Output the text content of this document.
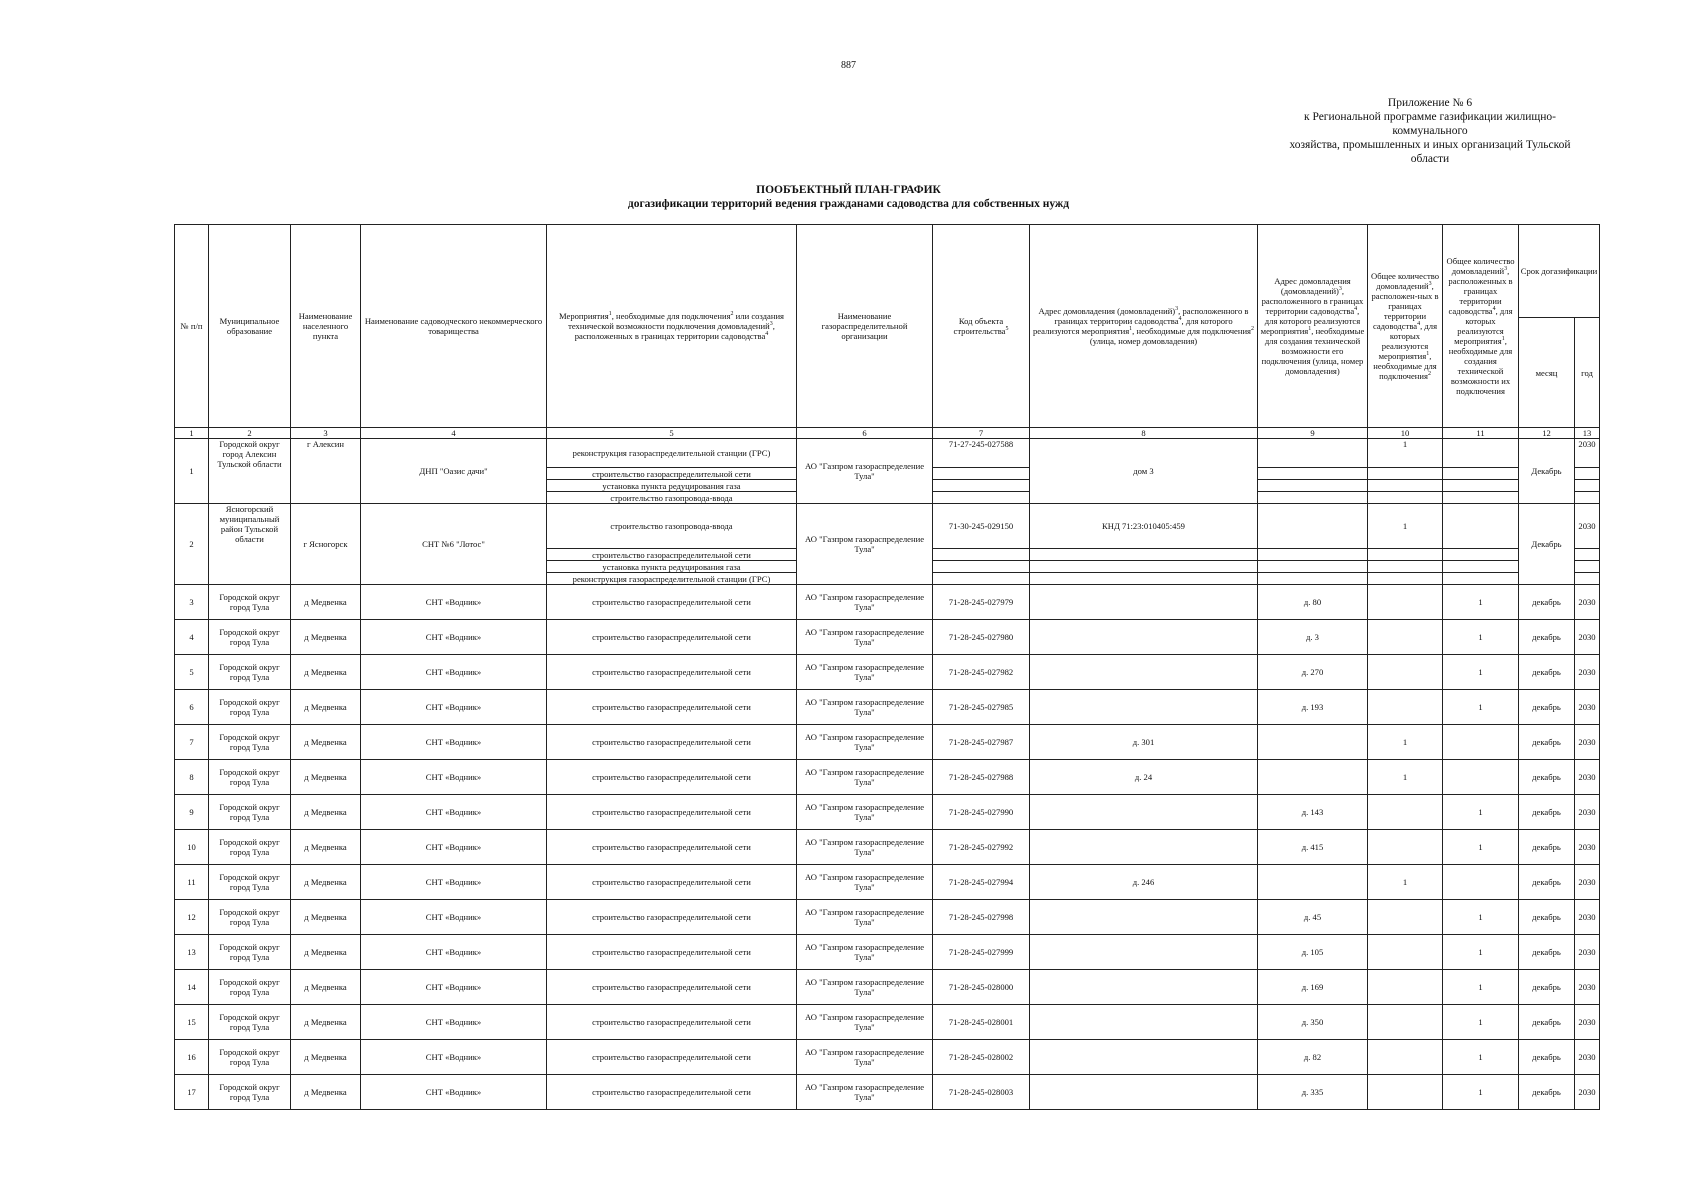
887
Приложение № 6
к Региональной программе газификации жилищно-
коммунального
хозяйства, промышленных и иных организаций Тульской
области
ПООБЪЕКТНЫЙ ПЛАН-ГРАФИК
догазификации территорий ведения гражданами садоводства для собственных нужд
№ п/п	Муниципальное образование	Наименование населенного пункта	Наименование садоводческого некоммерческого товарищества	Мероприятия$^1$, необходимые для подключения$^2$ или создания технической возможности подключения домовладений$^3$, расположенных в границах территории садоводства$^4$	Наименование газораспределительной организации	Код объекта строительства$^5$	Адрес домовладения (домовладений)$^3$, расположенного в границах территории садоводства$^4$, для которого реализуются мероприятия$^1$, необходимые для подключения$^2$ (улица, номер домовладения)	Адрес домовладения (домовладений)$^3$, расположенного в границах территории садоводства$^4$, для которого реализуются мероприятия$^1$, необходимые для создания технической возможности его подключения (улица, номер домовладения)	Общее количество домовладений$^3$, расположен-ных в границах территории садоводства$^4$, для которых реализуются мероприятия$^1$, необходимые для подключения$^2$	Общее количество домовладений$^3$, расположенных в границах территории садоводства$^4$, для которых реализуются мероприятия$^1$, необходимые для создания технической возможности их подключения	Срок догазификации	
											месяц	год
1	2	3	4	5	6	7	8	9	10	11	12	13
1	Городской округ город Алексин Тульской области	г Алексин	ДНП "Оазис дачи"	реконструкция газораспределительной станции (ГРС)	АО "Газпром газораспределение Тула"	71-27-245-027588	дом 3		1		Декабрь	2030
				строительство газораспределительной сети								
				установка пункта редуцирования газа								
				строительство газопровода-ввода								
2	Ясногорский муниципальный район Тульской области	г Ясногорск	СНТ №6 "Лотос"	строительство газопровода-ввода	АО "Газпром газораспределение Тула"	71-30-245-029150	КНД 71:23:010405:459		1		Декабрь	2030
				строительство газораспределительной сети								
				установка пункта редуцирования газа								
				реконструкция газораспределительной станции (ГРС)								
3	Городской округ город Тула	д Медвенка	СНТ «Водник»	строительство газораспределительной сети	АО "Газпром газораспределение Тула"	71-28-245-027979		д. 80		1	декабрь	2030
4	Городской округ город Тула	д Медвенка	СНТ «Водник»	строительство газораспределительной сети	АО "Газпром газораспределение Тула"	71-28-245-027980		д. 3		1	декабрь	2030
5	Городской округ город Тула	д Медвенка	СНТ «Водник»	строительство газораспределительной сети	АО "Газпром газораспределение Тула"	71-28-245-027982		д. 270		1	декабрь	2030
6	Городской округ город Тула	д Медвенка	СНТ «Водник»	строительство газораспределительной сети	АО "Газпром газораспределение Тула"	71-28-245-027985		д. 193		1	декабрь	2030
7	Городской округ город Тула	д Медвенка	СНТ «Водник»	строительство газораспределительной сети	АО "Газпром газораспределение Тула"	71-28-245-027987	д. 301		1		декабрь	2030
8	Городской округ город Тула	д Медвенка	СНТ «Водник»	строительство газораспределительной сети	АО "Газпром газораспределение Тула"	71-28-245-027988	д. 24		1		декабрь	2030
9	Городской округ город Тула	д Медвенка	СНТ «Водник»	строительство газораспределительной сети	АО "Газпром газораспределение Тула"	71-28-245-027990		д. 143		1	декабрь	2030
10	Городской округ город Тула	д Медвенка	СНТ «Водник»	строительство газораспределительной сети	АО "Газпром газораспределение Тула"	71-28-245-027992		д. 415		1	декабрь	2030
11	Городской округ город Тула	д Медвенка	СНТ «Водник»	строительство газораспределительной сети	АО "Газпром газораспределение Тула"	71-28-245-027994	д. 246		1		декабрь	2030
12	Городской округ город Тула	д Медвенка	СНТ «Водник»	строительство газораспределительной сети	АО "Газпром газораспределение Тула"	71-28-245-027998		д. 45		1	декабрь	2030
13	Городской округ город Тула	д Медвенка	СНТ «Водник»	строительство газораспределительной сети	АО "Газпром газораспределение Тула"	71-28-245-027999		д. 105		1	декабрь	2030
14	Городской округ город Тула	д Медвенка	СНТ «Водник»	строительство газораспределительной сети	АО "Газпром газораспределение Тула"	71-28-245-028000		д. 169		1	декабрь	2030
15	Городской округ город Тула	д Медвенка	СНТ «Водник»	строительство газораспределительной сети	АО "Газпром газораспределение Тула"	71-28-245-028001		д. 350		1	декабрь	2030
16	Городской округ город Тула	д Медвенка	СНТ «Водник»	строительство газораспределительной сети	АО "Газпром газораспределение Тула"	71-28-245-028002		д. 82		1	декабрь	2030
17	Городской округ город Тула	д Медвенка	СНТ «Водник»	строительство газораспределительной сети	АО "Газпром газораспределение Тула"	71-28-245-028003		д. 335		1	декабрь	2030
